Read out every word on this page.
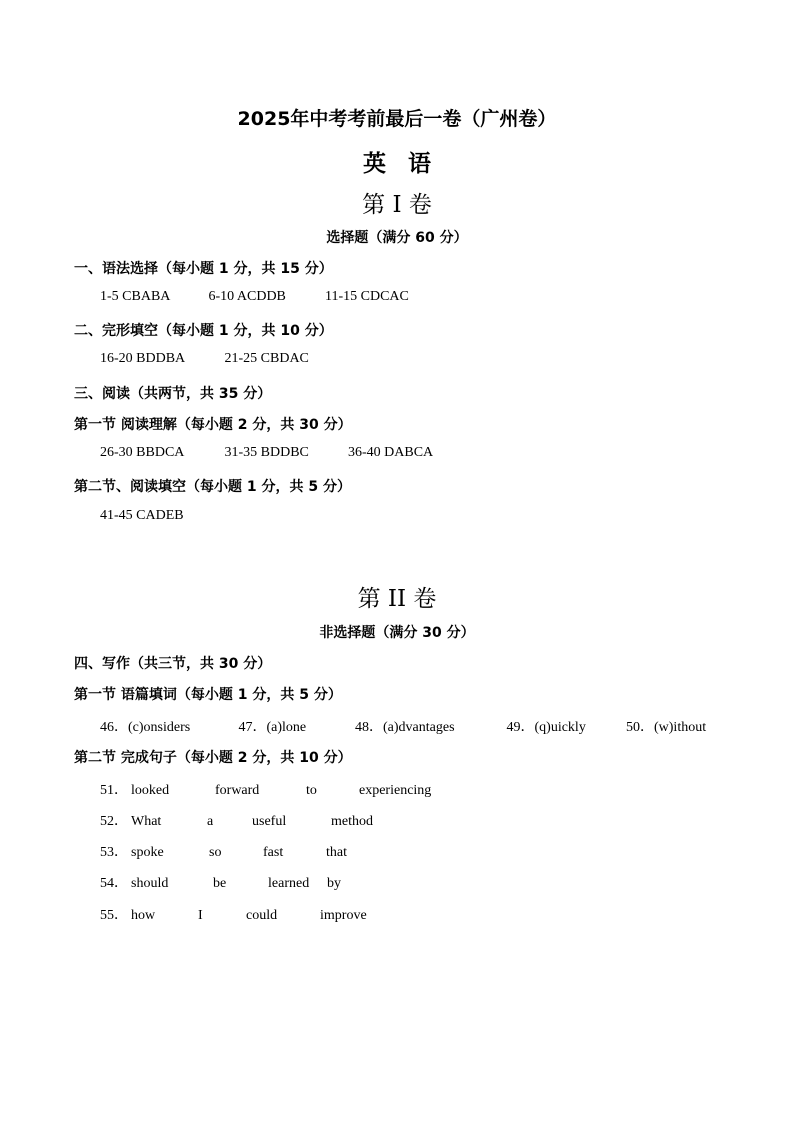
2025年中考考前最后一卷（广州卷）
英语
第 I 卷
选择题（满分 60 分）
一、语法选择（每小题 1 分，共 15 分）
1-5 CBABA	6-10 ACDDB	11-15 CDCAC
二、完形填空（每小题 1 分，共 10 分）
16-20 BDDBA	21-25 CBDAC
三、阅读（共两节，共 35 分）
第一节 阅读理解（每小题 2 分，共 30 分）
26-30 BBDCA	31-35 BDDBC	36-40 DABCA
第二节、阅读填空（每小题 1 分，共 5 分）
41-45 CADEB
第 II 卷
非选择题（满分 30 分）
四、写作（共三节，共 30 分）
第一节 语篇填词（每小题 1 分，共 5 分）
46．(c)onsiders	47．(a)lone	48．(a)dvantages	49．(q)uickly	50．(w)ithout
第二节 完成句子（每小题 2 分，共 10 分）
51． looked	forward	to	experiencing
52． What	a	useful	method
53． spoke	so	fast	that
54． should	be	learned by
55． how	I	could	improve
